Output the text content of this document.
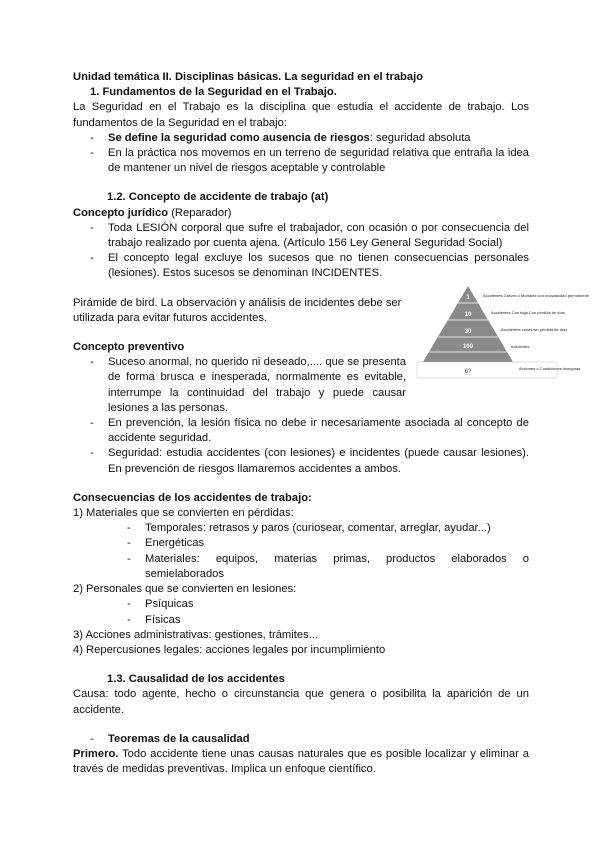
Unidad temática II. Disciplinas básicas. La seguridad en el trabajo

1. Fundamentos de la Seguridad en el Trabajo.

La Seguridad en el Trabajo es la disciplina que estudia el accidente de trabajo. Los fundamentos de la Seguridad en el trabajo:

-	Se define la seguridad como ausencia de riesgos: seguridad absoluta
-	En la práctica nos movemos en un terreno de seguridad relativa que entraña la idea de mantener un nivel de riesgos aceptable y controlable

1.2. Concepto de accidente de trabajo (at)

Concepto jurídico (Reparador)

-	Toda LESIÓN corporal que sufre el trabajador, con ocasión o por consecuencia del trabajo realizado por cuenta ajena. (Artículo 156 Ley General Seguridad Social)
-	El concepto legal excluye los sucesos que no tienen consecuencias personales (lesiones). Estos sucesos se denominan INCIDENTES.

Pirámide de bird. La observación y análisis de incidentes debe ser utilizada para evitar futuros accidentes.

Concepto preventivo

-	Suceso anormal, no querido ni deseado,.... que se presenta de forma brusca e inesperada, normalmente es evitable, interrumpe la continuidad del trabajo y puede causar lesiones a las personas.
-	En prevención, la lesión física no debe ir necesariamente asociada al concepto de accidente seguridad.
-	Seguridad: estudia accidentes (con lesiones) e incidentes (puede causar lesiones). En prevención de riesgos llamaremos accidentes a ambos.

Consecuencias de los accidentes de trabajo:

1) Materiales que se convierten en pérdidas:

-	Temporales: retrasos y paros (curiosear, comentar, arreglar, ayudar...)
-	Energéticas
-	Materiales: equipos, materias primas, productos elaborados o semielaborados

2) Personales que se convierten en lesiones:

-	Psíquicas
-	Físicas

3) Acciones administrativas: gestiones, trámites...

4) Repercusiones legales: acciones legales por incumplimiento

1.3. Causalidad de los accidentes

Causa: todo agente, hecho o circunstancia que genera o posibilita la aparición de un accidente.

-	Teoremas de la causalidad

Primero. Todo accidente tiene unas causas naturales que es posible localizar y eliminar a través de medidas preventivas. Implica un enfoque científico.

1
10
30
100
6?
Accidentes Graves o Mortales con Incapacidad permanente
Accidentes Con baja Con pérdida de días
Accidentes Leves sin pérdida de días
Incidentes
Acciones o Condiciones Inseguras
